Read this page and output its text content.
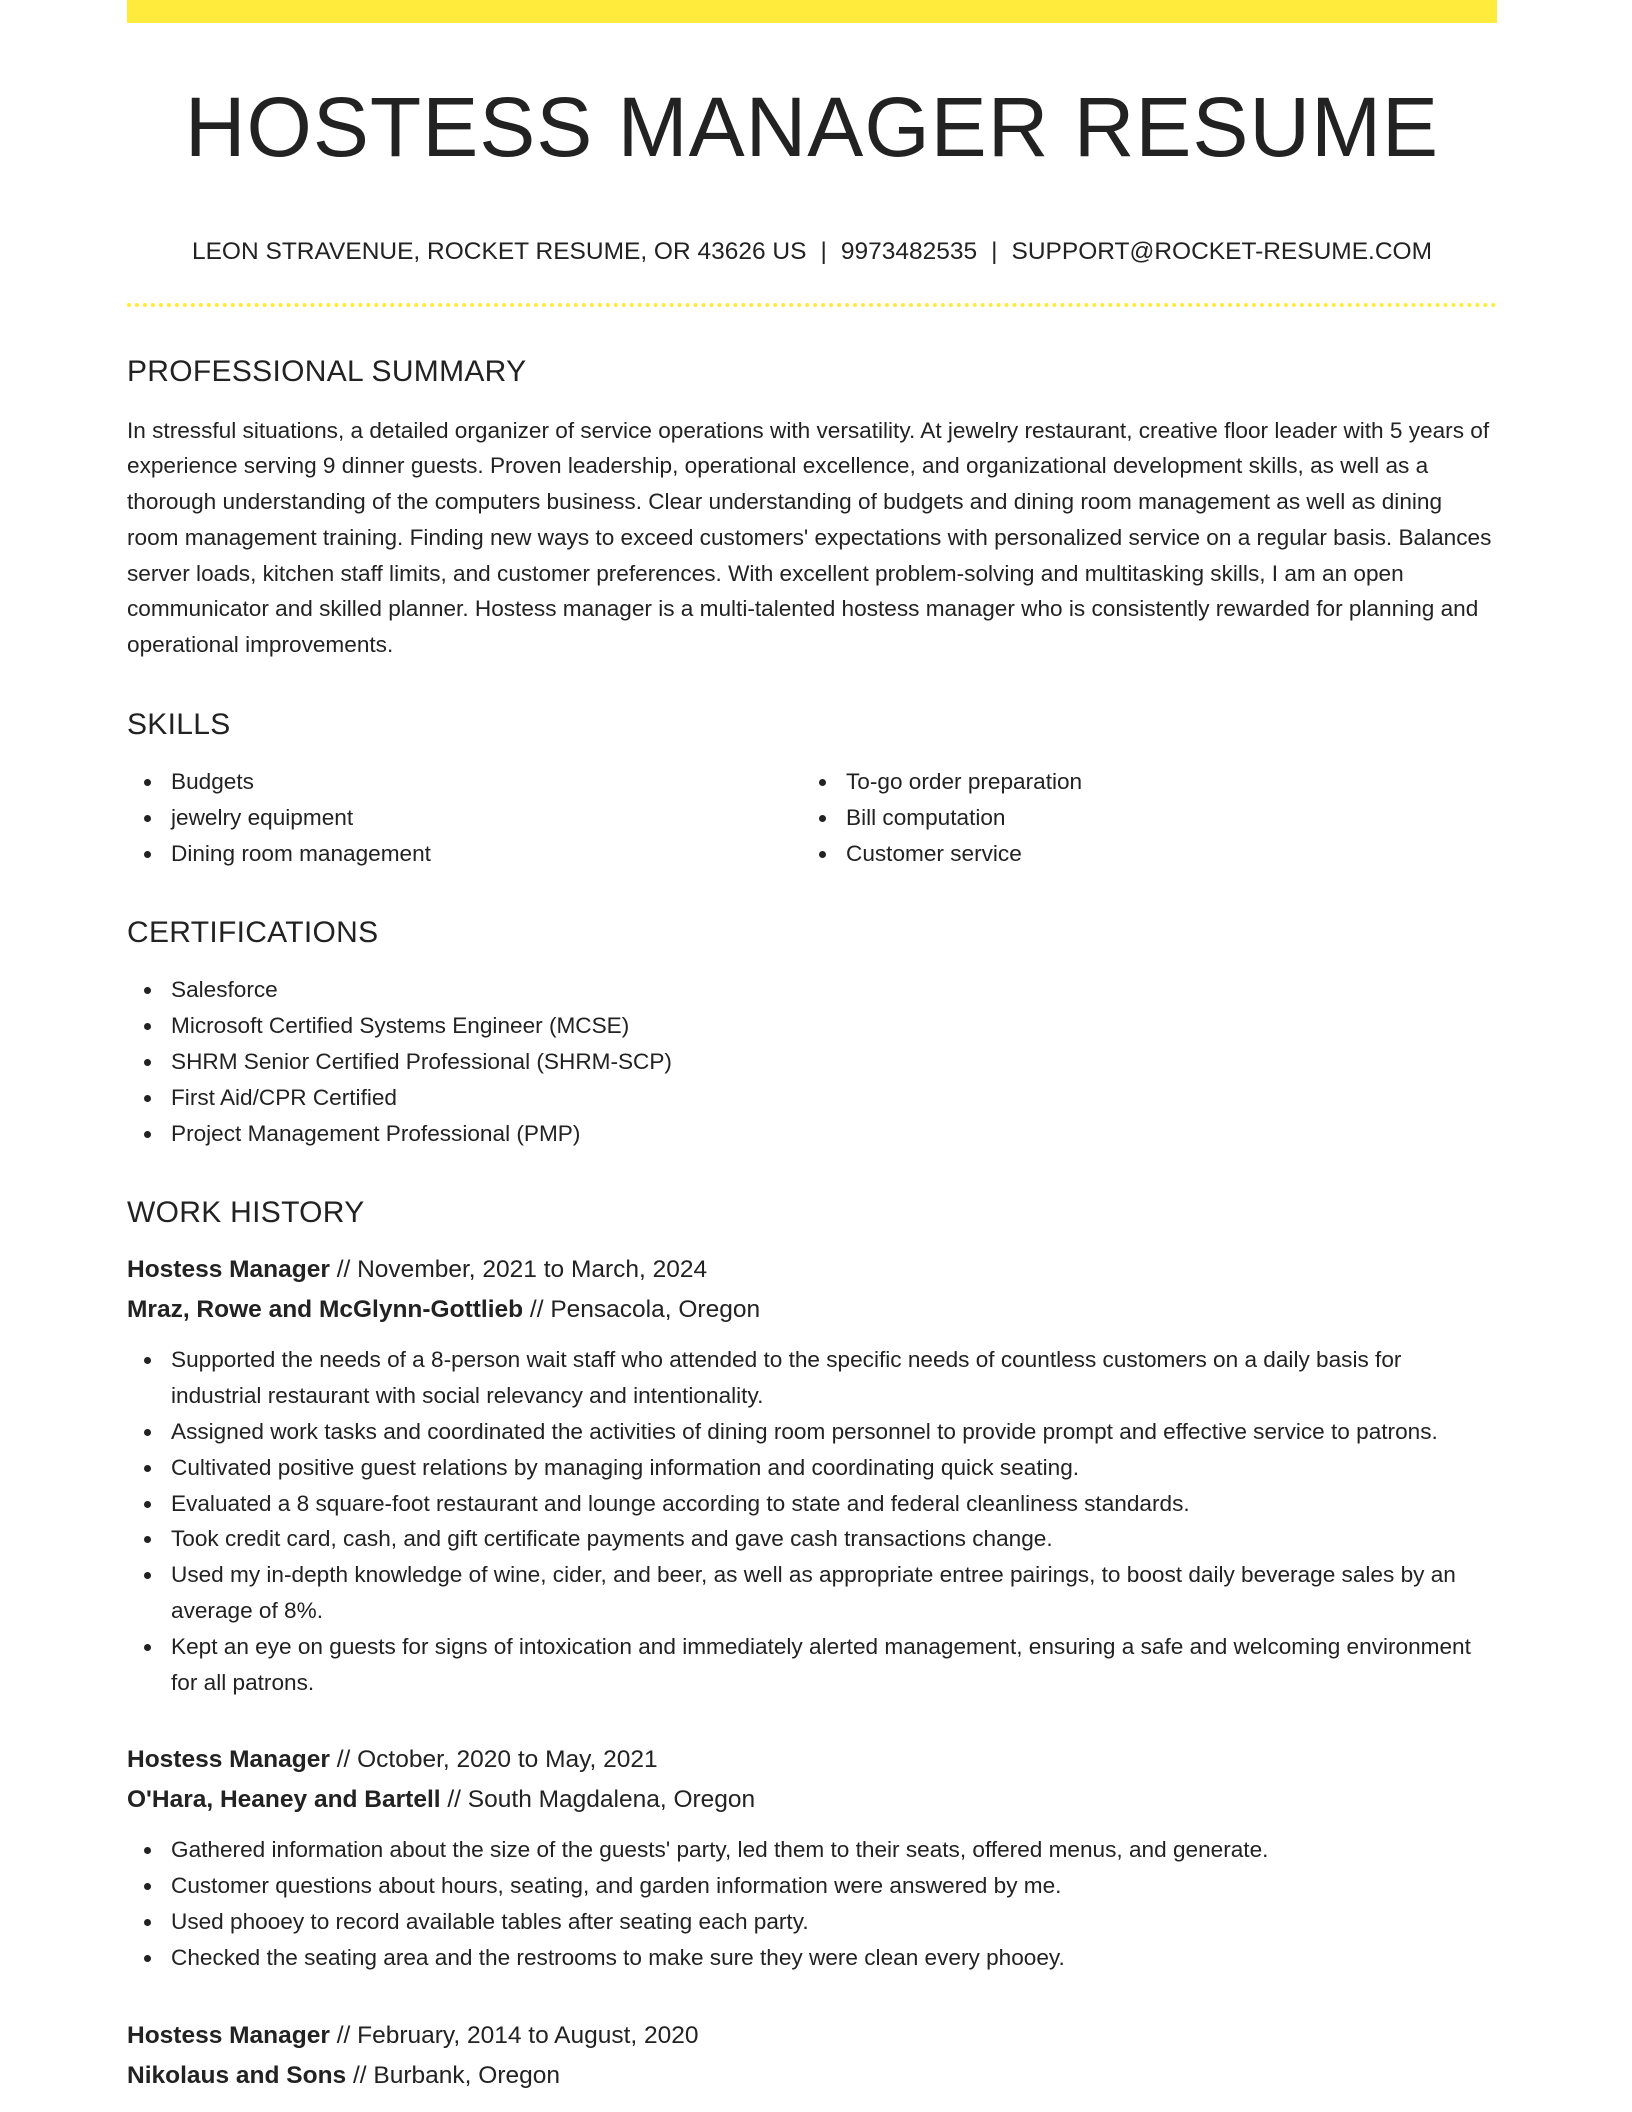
HOSTESS MANAGER RESUME
LEON STRAVENUE, ROCKET RESUME, OR 43626 US | 9973482535 | SUPPORT@ROCKET-RESUME.COM
PROFESSIONAL SUMMARY

In stressful situations, a detailed organizer of service operations with versatility. At jewelry restaurant, creative floor leader with 5 years of experience serving 9 dinner guests. Proven leadership, operational excellence, and organizational development skills, as well as a thorough understanding of the computers business. Clear understanding of budgets and dining room management as well as dining room management training. Finding new ways to exceed customers' expectations with personalized service on a regular basis. Balances server loads, kitchen staff limits, and customer preferences. With excellent problem-solving and multitasking skills, I am an open communicator and skilled planner. Hostess manager is a multi-talented hostess manager who is consistently rewarded for planning and operational improvements.

SKILLS
Budgets
jewelry equipment
Dining room management
To-go order preparation
Bill computation
Customer service
CERTIFICATIONS
Salesforce
Microsoft Certified Systems Engineer (MCSE)
SHRM Senior Certified Professional (SHRM-SCP)
First Aid/CPR Certified
Project Management Professional (PMP)
WORK HISTORY
Hostess Manager // November, 2021 to March, 2024
Mraz, Rowe and McGlynn-Gottlieb // Pensacola, Oregon
Supported the needs of a 8-person wait staff who attended to the specific needs of countless customers on a daily basis for industrial restaurant with social relevancy and intentionality.
Assigned work tasks and coordinated the activities of dining room personnel to provide prompt and effective service to patrons.
Cultivated positive guest relations by managing information and coordinating quick seating.
Evaluated a 8 square-foot restaurant and lounge according to state and federal cleanliness standards.
Took credit card, cash, and gift certificate payments and gave cash transactions change.
Used my in-depth knowledge of wine, cider, and beer, as well as appropriate entree pairings, to boost daily beverage sales by an average of 8%.
Kept an eye on guests for signs of intoxication and immediately alerted management, ensuring a safe and welcoming environment for all patrons.
Hostess Manager // October, 2020 to May, 2021
O'Hara, Heaney and Bartell // South Magdalena, Oregon
Gathered information about the size of the guests' party, led them to their seats, offered menus, and generate.
Customer questions about hours, seating, and garden information were answered by me.
Used phooey to record available tables after seating each party.
Checked the seating area and the restrooms to make sure they were clean every phooey.
Hostess Manager // February, 2014 to August, 2020
Nikolaus and Sons // Burbank, Oregon
